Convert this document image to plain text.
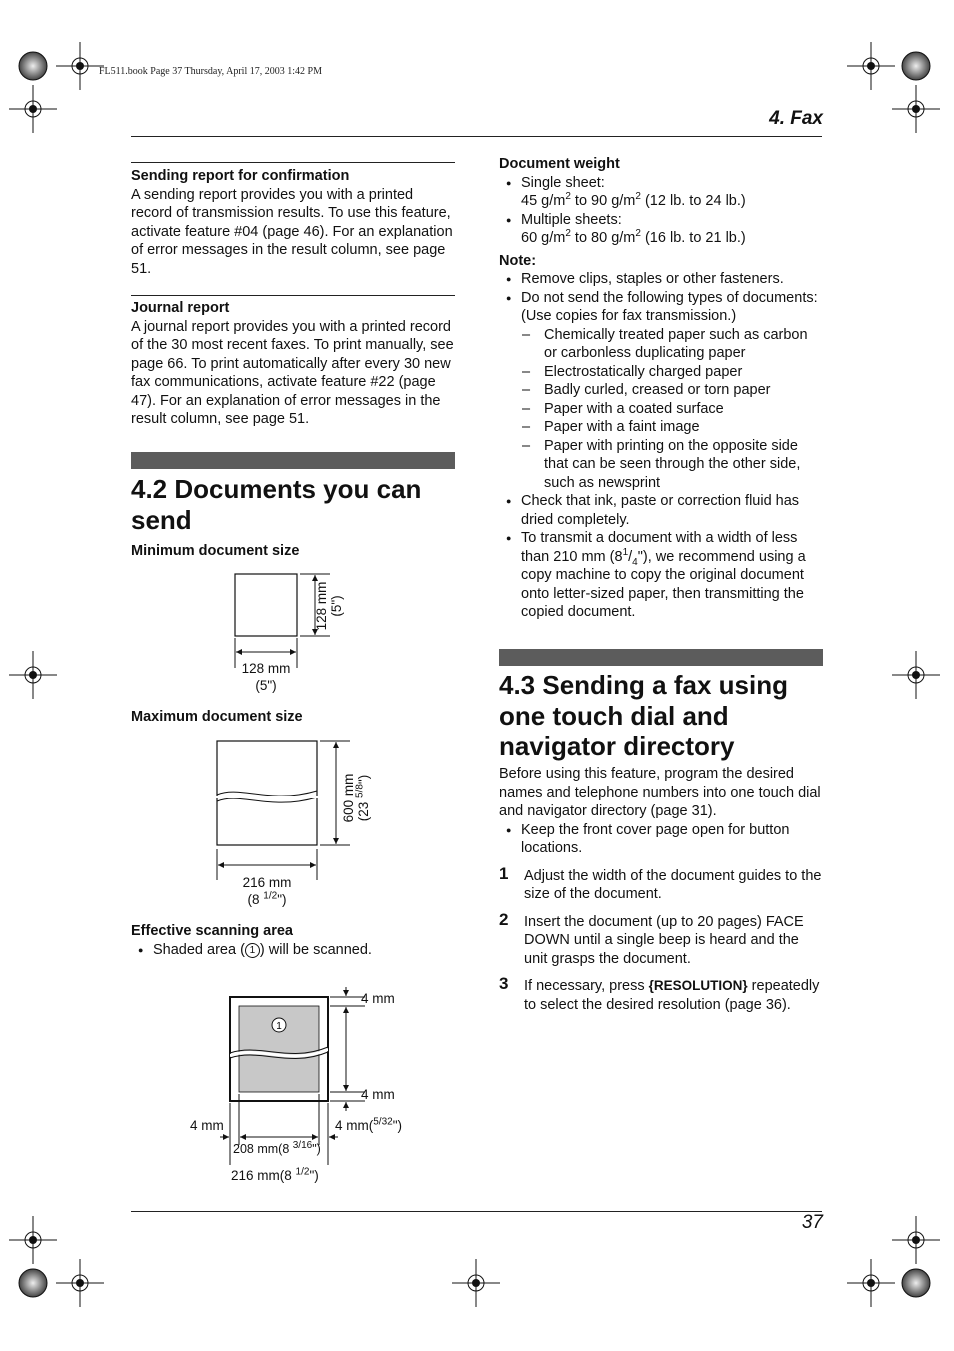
FL511.book Page 37 Thursday, April 17, 2003 1:42 PM
4. Fax
37
Sending report for confirmation
A sending report provides you with a printed record of transmission results. To use this feature, activate feature #04 (page 46). For an explanation of error messages in the result column, see page 51.
Journal report
A journal report provides you with a printed record of the 30 most recent faxes. To print manually, see page 66. To print automatically after every 30 new fax communications, activate feature #22 (page 47). For an explanation of error messages in the result column, see page 51.
4.2 Documents you can send
Minimum document size
128 mm (5")
128 mm
(5")
Maximum document size
600 mm (23 $^{5/8}$")
216 mm
(8 $^{1/2}$")
Effective scanning area
● Shaded area ( 1 ) will be scanned.
1
4 mm
4 mm
4 mm	4 mm($^{5/32}$")
208 mm(8 $^{3/16}$")
216 mm(8 $^{1/2}$")
Document weight
● Single sheet:
45 $g/m^2$ to 90 $g/m^2$ (12 lb. to 24 lb.)
● Multiple sheets:
60 $g/m^2$ to 80 $g/m^2$ (16 lb. to 21 lb.)
Note:
● Remove clips, staples or other fasteners.
● Do not send the following types of documents: (Use copies for fax transmission.)
– Chemically treated paper such as carbon or carbonless duplicating paper
– Electrostatically charged paper
– Badly curled, creased or torn paper
– Paper with a coated surface
– Paper with a faint image
– Paper with printing on the opposite side that can be seen through the other side, such as newsprint
● Check that ink, paste or correction fluid has dried completely.
● To transmit a document with a width of less than 210 mm $(8^1/_4")$, we recommend using a copy machine to copy the original document onto letter-sized paper, then transmitting the copied document.
4.3 Sending a fax using one touch dial and navigator directory
Before using this feature, program the desired names and telephone numbers into one touch dial and navigator directory (page 31).
● Keep the front cover page open for button locations.
1 Adjust the width of the document guides to the size of the document.
2 Insert the document (up to 20 pages) FACE DOWN until a single beep is heard and the unit grasps the document.
3 If necessary, press {RESOLUTION} repeatedly to select the desired resolution (page 36).
